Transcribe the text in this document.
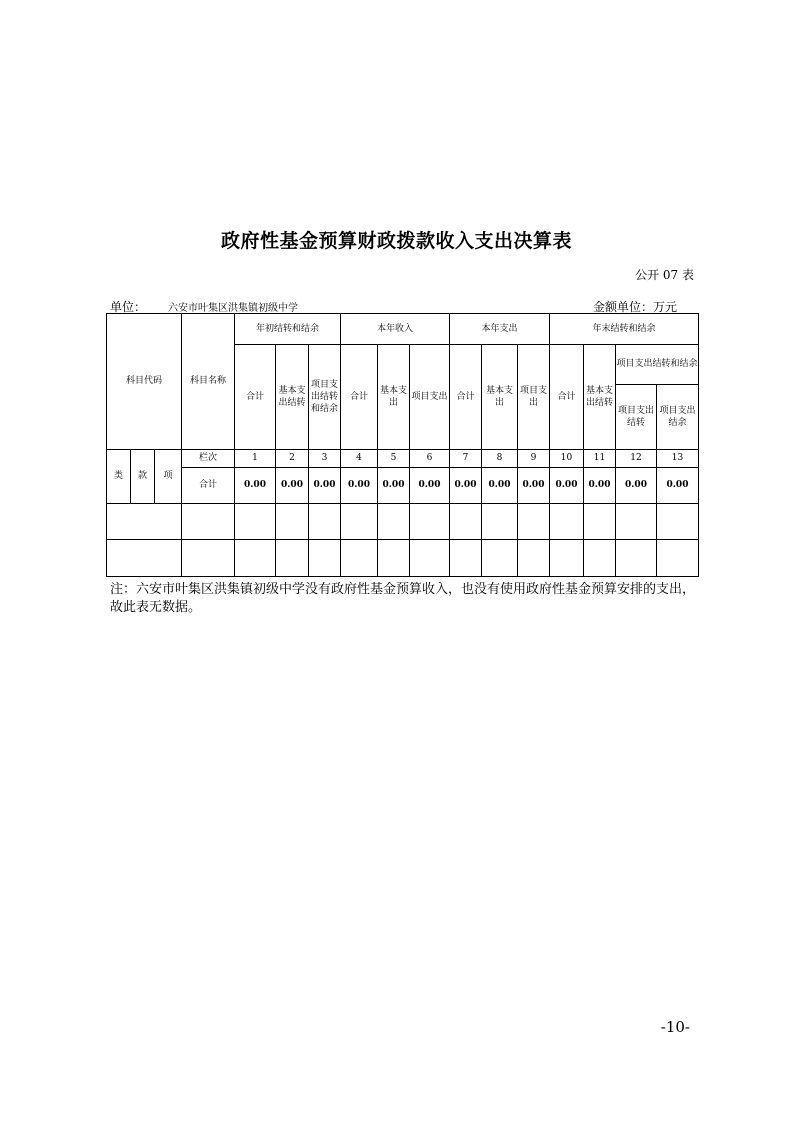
政府性基金预算财政拨款收入支出决算表
公开 07 表
单位： 六安市叶集区洪集镇初级中学	金额单位：万元
科目代码			科目名称	年初结转和结余			本年收入			本年支出			年末结转和结余			
				合计	基本支出结转	项目支出结转和结余	合计	基本支出	项目支出	合计	基本支出	项目支出	合计	基本支出结转	项目支出结转和结余	
															项目支出结转	项目支出结余

类	款	项	栏次	1	2	3	4	5	6	7	8	9	10	11	12	13
			合计	0.00	0.00	0.00	0.00	0.00	0.00	0.00	0.00	0.00	0.00	0.00	0.00	0.00

注：六安市叶集区洪集镇初级中学没有政府性基金预算收入，也没有使用政府性基金预算安排的支出，故此表无数据。
-10-
